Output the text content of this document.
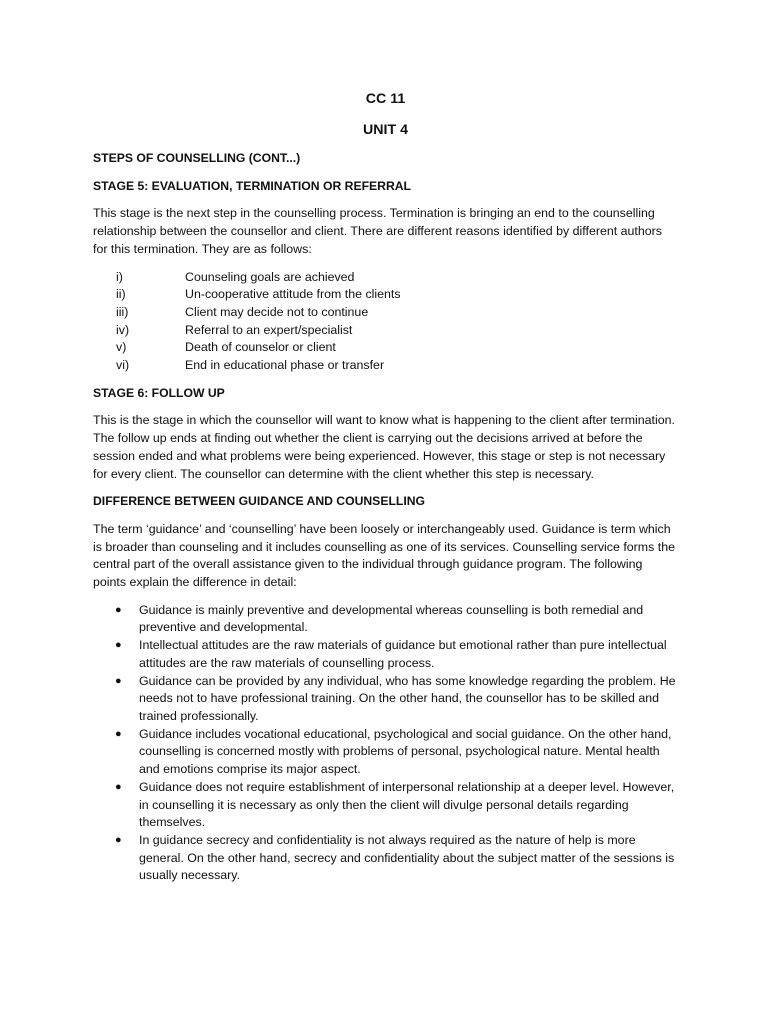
CC 11
UNIT 4
STEPS OF COUNSELLING (CONT...)
STAGE 5: EVALUATION, TERMINATION OR REFERRAL

This stage is the next step in the counselling process. Termination is bringing an end to the counselling relationship between the counsellor and client. There are different reasons identified by different authors for this termination. They are as follows:

i)	Counseling goals are achieved
ii)	Un-cooperative attitude from the clients
iii)	Client may decide not to continue
iv)	Referral to an expert/specialist
v)	Death of counselor or client
vi)	End in educational phase or transfer
STAGE 6: FOLLOW UP

This is the stage in which the counsellor will want to know what is happening to the client after termination. The follow up ends at finding out whether the client is carrying out the decisions arrived at before the session ended and what problems were being experienced. However, this stage or step is not necessary for every client. The counsellor can determine with the client whether this step is necessary.

DIFFERENCE BETWEEN GUIDANCE AND COUNSELLING

The term ‘guidance’ and ‘counselling’ have been loosely or interchangeably used. Guidance is term which is broader than counseling and it includes counselling as one of its services. Counselling service forms the central part of the overall assistance given to the individual through guidance program. The following points explain the difference in detail:

●	Guidance is mainly preventive and developmental whereas counselling is both remedial and preventive and developmental.
●	Intellectual attitudes are the raw materials of guidance but emotional rather than pure intellectual attitudes are the raw materials of counselling process.
●	Guidance can be provided by any individual, who has some knowledge regarding the problem. He needs not to have professional training. On the other hand, the counsellor has to be skilled and trained professionally.
●	Guidance includes vocational educational, psychological and social guidance. On the other hand, counselling is concerned mostly with problems of personal, psychological nature. Mental health and emotions comprise its major aspect.
●	Guidance does not require establishment of interpersonal relationship at a deeper level. However, in counselling it is necessary as only then the client will divulge personal details regarding themselves.
●	In guidance secrecy and confidentiality is not always required as the nature of help is more general. On the other hand, secrecy and confidentiality about the subject matter of the sessions is usually necessary.
